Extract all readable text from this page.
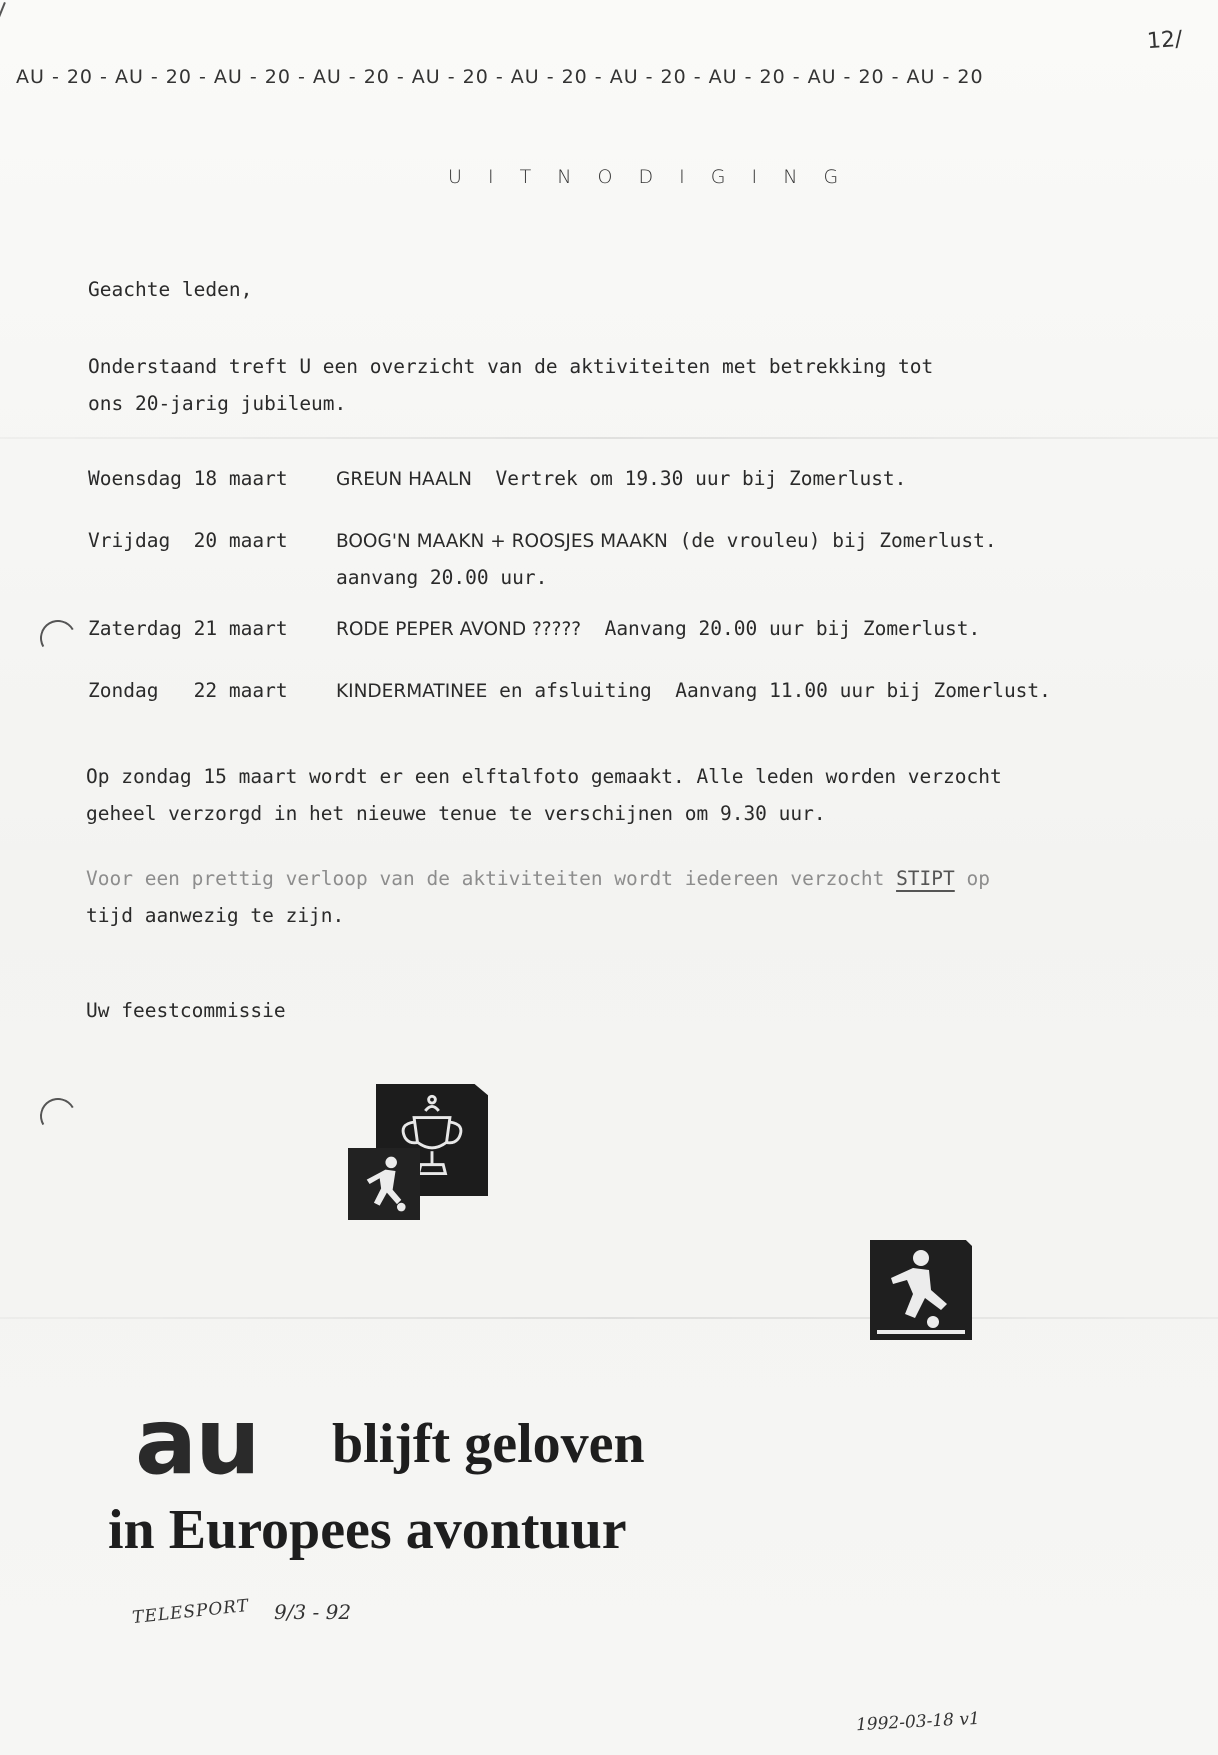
12/
AU - 20 - AU - 20 - AU - 20 - AU - 20 - AU - 20 - AU - 20 - AU - 20 - AU - 20 - AU - 20 - AU - 20
U I T N O D I G I N G
Geachte leden,
Onderstaand treft U een overzicht van de aktiviteiten met betrekking tot
ons 20-jarig jubileum.
Woensdag 18 maart	GREUN HAALN Vertrek om 19.30 uur bij Zomerlust.
Vrijdag  20 maart	BOOG'N MAAKN + ROOSJES MAAKN (de vrouleu) bij Zomerlust.
aanvang 20.00 uur.
Zaterdag 21 maart	RODE PEPER AVOND ????? Aanvang 20.00 uur bij Zomerlust.
Zondag   22 maart	KINDERMATINEE en afsluiting  Aanvang 11.00 uur bij Zomerlust.
Op zondag 15 maart wordt er een elftalfoto gemaakt. Alle leden worden verzocht
geheel verzorgd in het nieuwe tenue te verschijnen om 9.30 uur.
Voor een prettig verloop van de aktiviteiten wordt iedereen verzocht STIPT op
tijd aanwezig te zijn.
Uw feestcommissie
au blijft geloven
in Europees avontuur
TELESPORT 9/3 - 92
1992-03-18 v1
